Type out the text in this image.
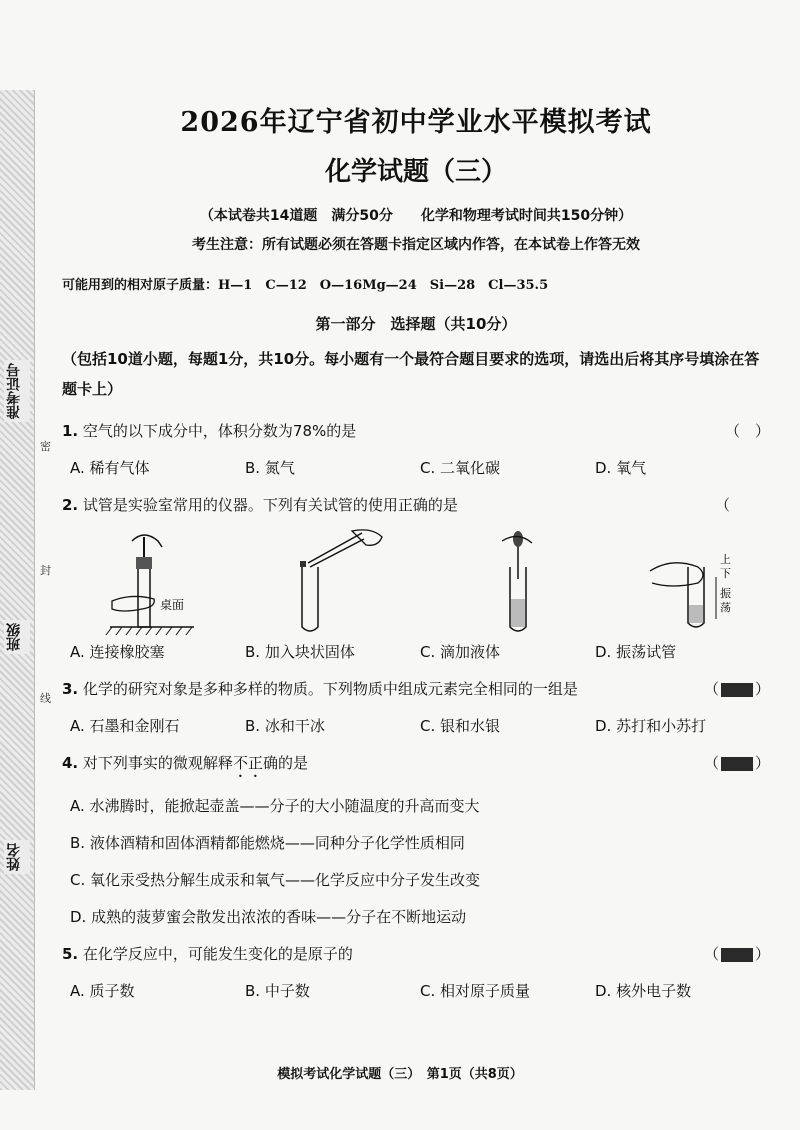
准考证号
班级
姓名
密
封
线
2026年辽宁省初中学业水平模拟考试
化学试题（三）

（本试卷共14道题　满分50分　　化学和物理考试时间共150分钟）

考生注意：所有试题必须在答题卡指定区域内作答，在本试卷上作答无效

可能用到的相对原子质量：H—1　C—12　O—16Mg—24　Si—28　Cl—35.5

第一部分　选择题（共10分）

（包括10道小题，每题1分，共10分。每小题有一个最符合题目要求的选项，请选出后将其序号填涂在答题卡上）

1. 空气的以下成分中，体积分数为78%的是	（　 ）
A. 稀有气体	B. 氮气	C. 二氧化碳	D. 氧气
2. 试管是实验室常用的仪器。下列有关试管的使用正确的是	（
桌面
上
下
振
荡
A. 连接橡胶塞	B. 加入块状固体	C. 滴加液体	D. 振荡试管
3. 化学的研究对象是多种多样的物质。下列物质中组成元素完全相同的一组是	（ ）
A. 石墨和金刚石	B. 冰和干冰	C. 银和水银	D. 苏打和小苏打
4. 对下列事实的微观解释不正确的是	（ ）
A. 水沸腾时，能掀起壶盖——分子的大小随温度的升高而变大
B. 液体酒精和固体酒精都能燃烧——同种分子化学性质相同
C. 氧化汞受热分解生成汞和氧气——化学反应中分子发生改变
D. 成熟的菠萝蜜会散发出浓浓的香味——分子在不断地运动
5. 在化学反应中，可能发生变化的是原子的	（ ）
A. 质子数	B. 中子数	C. 相对原子质量	D. 核外电子数
模拟考试化学试题（三）　第1页（共8页）
